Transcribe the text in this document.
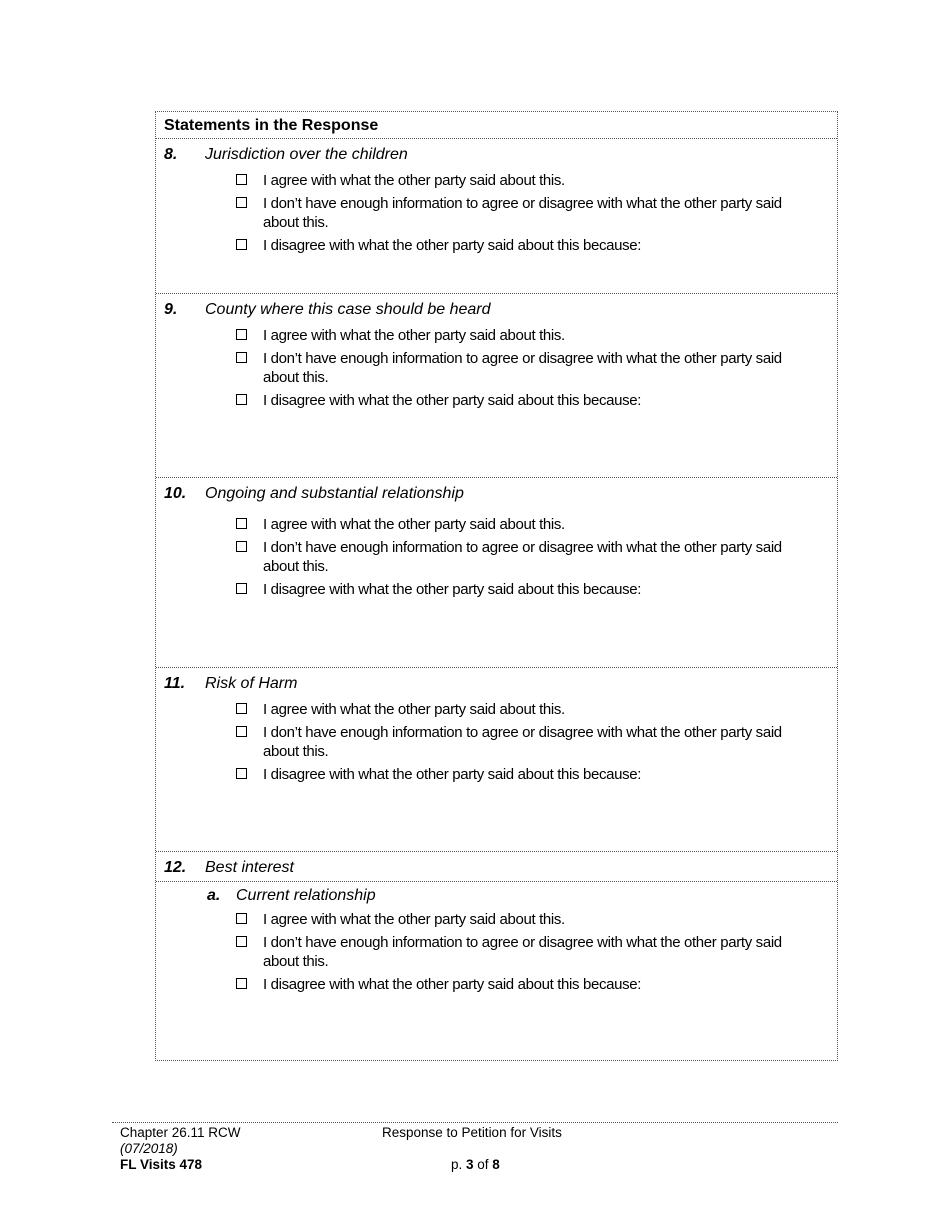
Statements in the Response
8. Jurisdiction over the children
I agree with what the other party said about this.
I don’t have enough information to agree or disagree with what the other party said about this.
I disagree with what the other party said about this because:
9. County where this case should be heard
I agree with what the other party said about this.
I don’t have enough information to agree or disagree with what the other party said about this.
I disagree with what the other party said about this because:
10. Ongoing and substantial relationship
I agree with what the other party said about this.
I don’t have enough information to agree or disagree with what the other party said about this.
I disagree with what the other party said about this because:
11. Risk of Harm
I agree with what the other party said about this.
I don’t have enough information to agree or disagree with what the other party said about this.
I disagree with what the other party said about this because:
12. Best interest
a. Current relationship
I agree with what the other party said about this.
I don’t have enough information to agree or disagree with what the other party said about this.
I disagree with what the other party said about this because:
Chapter 26.11 RCW
(07/2018)
FL Visits 478
Response to Petition for Visits
p. 3 of 8
